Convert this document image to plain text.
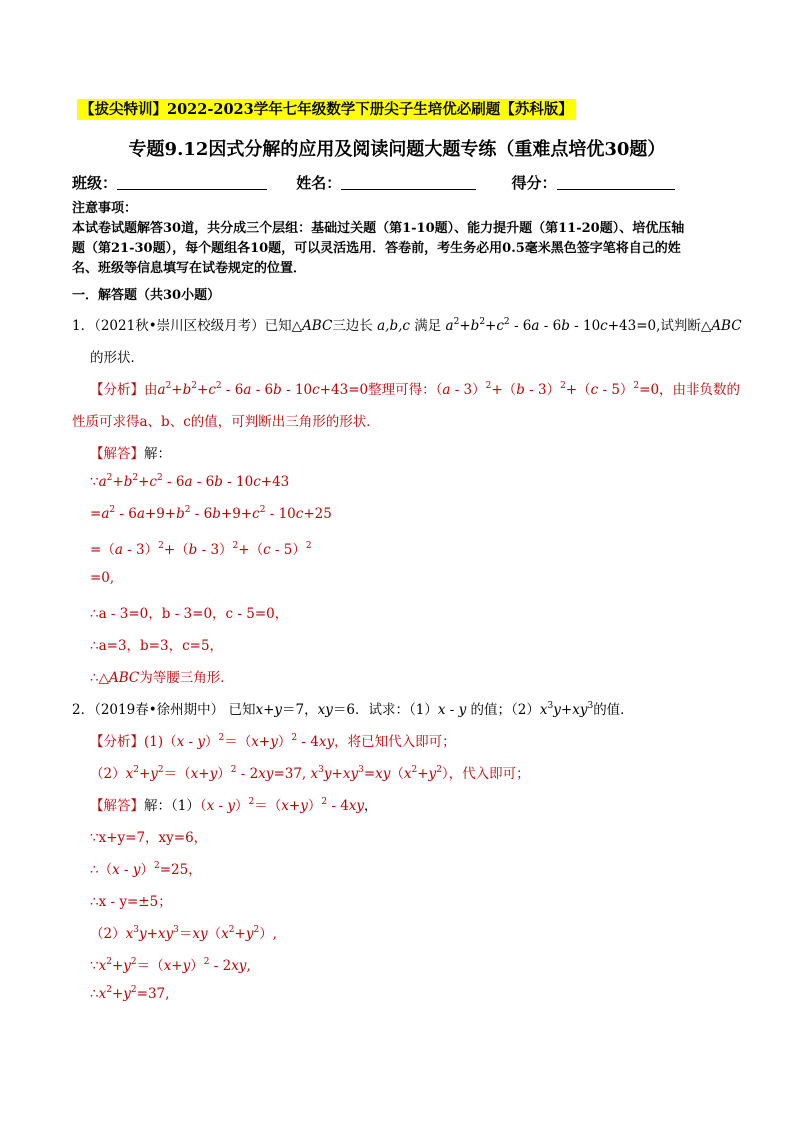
【拔尖特训】2022-2023学年七年级数学下册尖子生培优必刷题【苏科版】
专题9.12因式分解的应用及阅读问题大题专练（重难点培优30题）
班级：	姓名：	得分：
注意事项：
本试卷试题解答30道，共分成三个层组：基础过关题（第1-10题）、能力提升题（第11-20题）、培优压轴
题（第21-30题），每个题组各10题，可以灵活选用．答卷前，考生务必用0.5毫米黑色签字笔将自己的姓
名、班级等信息填写在试卷规定的位置．
一．解答题（共30小题）
1．（2021秋•崇川区校级月考）已知△ABC三边长 a,b,c 满足 $a^2+b^2+c^2 - 6a - 6b - 10c+43=0$,试判断△ABC
的形状．
【分析】由$a^2+b^2+c^2 - 6a - 6b - 10c+43=0$整理可得：（a - 3）$^2$+（b - 3）$^2$+（c - 5）$^2$=0，由非负数的
性质可求得a、b、c的值，可判断出三角形的形状．
【解答】解：
$\because a^2+b^2+c^2 - 6a - 6b - 10c+43$
$=a^2 - 6a+9+b^2 - 6b+9+c^2 - 10c+25$
=（a - 3）$^2$+（b - 3）$^2$+（c - 5）$^2$
=0,
∴a - 3=0，b - 3=0，c - 5=0，
∴a=3，b=3，c=5，
∴△ABC为等腰三角形．
2．（2019春•徐州期中） 已知x+y＝7，xy＝6．试求：（1）x - y 的值；$(2)x^3y+xy^3$的值．
【分析】$(1)(x - y)^2=(x+y)^2 - 4xy$，将已知代入即可；
$(2)x^2+y^2=(x+y)^2 - 2xy=37$, $x^3y+xy^3=xy(x^2+y^2)$，代入即可；
【解答】解：$(1)(x - y)^2=(x+y)^2 - 4xy$，
∵x+y=7，xy=6，
∴（x - y）$^2$=25，
∴x - y=±5；
$(2)x^3y+xy^3=xy(x^2+y^2)$,
$\because x^2+y^2=(x+y)^2 - 2xy$,
$\therefore x^2+y^2=37$,
